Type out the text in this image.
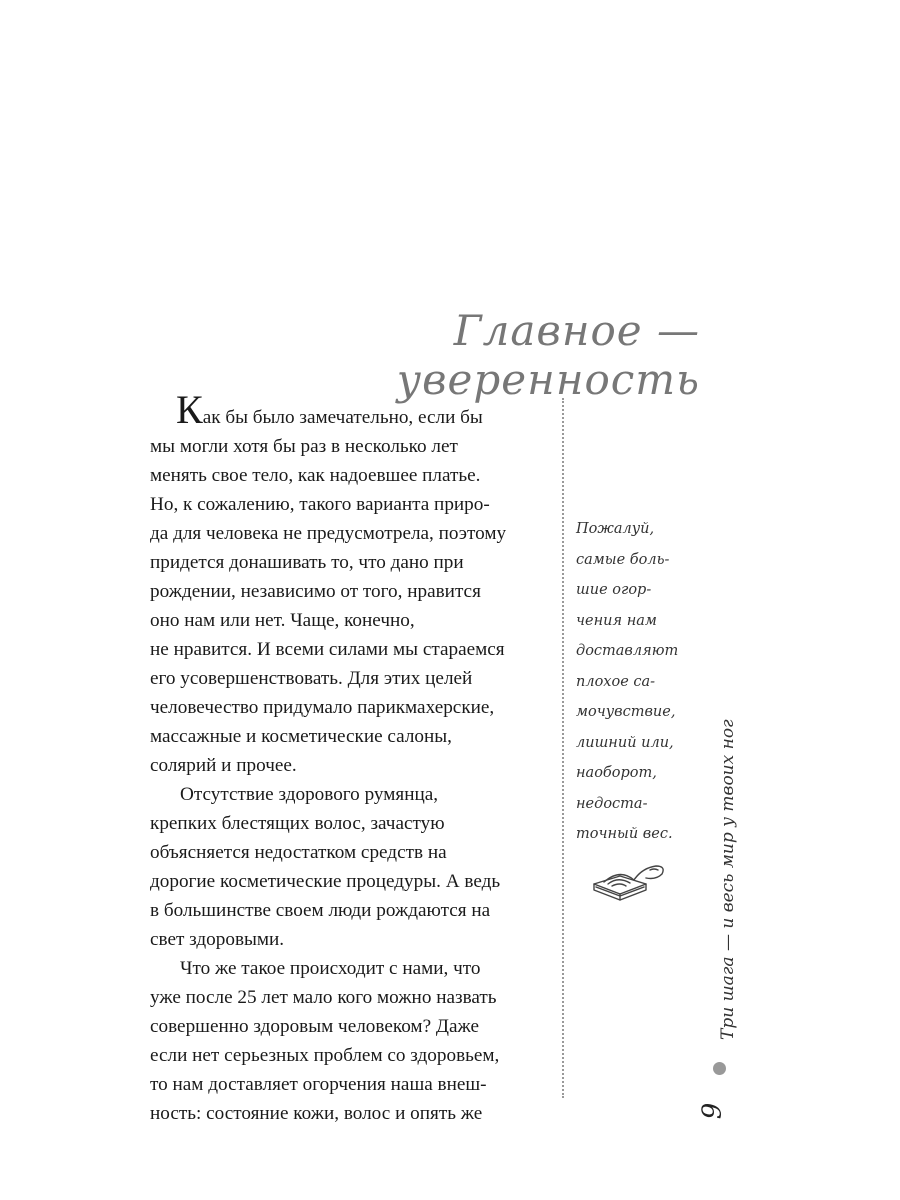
Главное — уверенность
Как бы было замечательно, если бы
мы могли хотя бы раз в несколько лет
менять свое тело, как надоевшее платье.
Но, к сожалению, такого варианта приро-
да для человека не предусмотрела, поэтому
придется донашивать то, что дано при
рождении, независимо от того, нравится
оно нам или нет. Чаще, конечно,
не нравится. И всеми силами мы стараемся
его усовершенствовать. Для этих целей
человечество придумало парикмахерские,
массажные и косметические салоны,
солярий и прочее.
Отсутствие здорового румянца,
крепких блестящих волос, зачастую
объясняется недостатком средств на
дорогие косметические процедуры. А ведь
в большинстве своем люди рождаются на
свет здоровыми.
Что же такое происходит с нами, что
уже после 25 лет мало кого можно назвать
совершенно здоровым человеком? Даже
если нет серьезных проблем со здоровьем,
то нам доставляет огорчения наша внеш-
ность: состояние кожи, волос и опять же
Пожалуй,
самые боль-
шие огор-
чения нам
доставляют
плохое са-
мочувствие,
лишний или,
наоборот,
недоста-
точный вес.	Три шага — и весь мир у твоих ног
9
